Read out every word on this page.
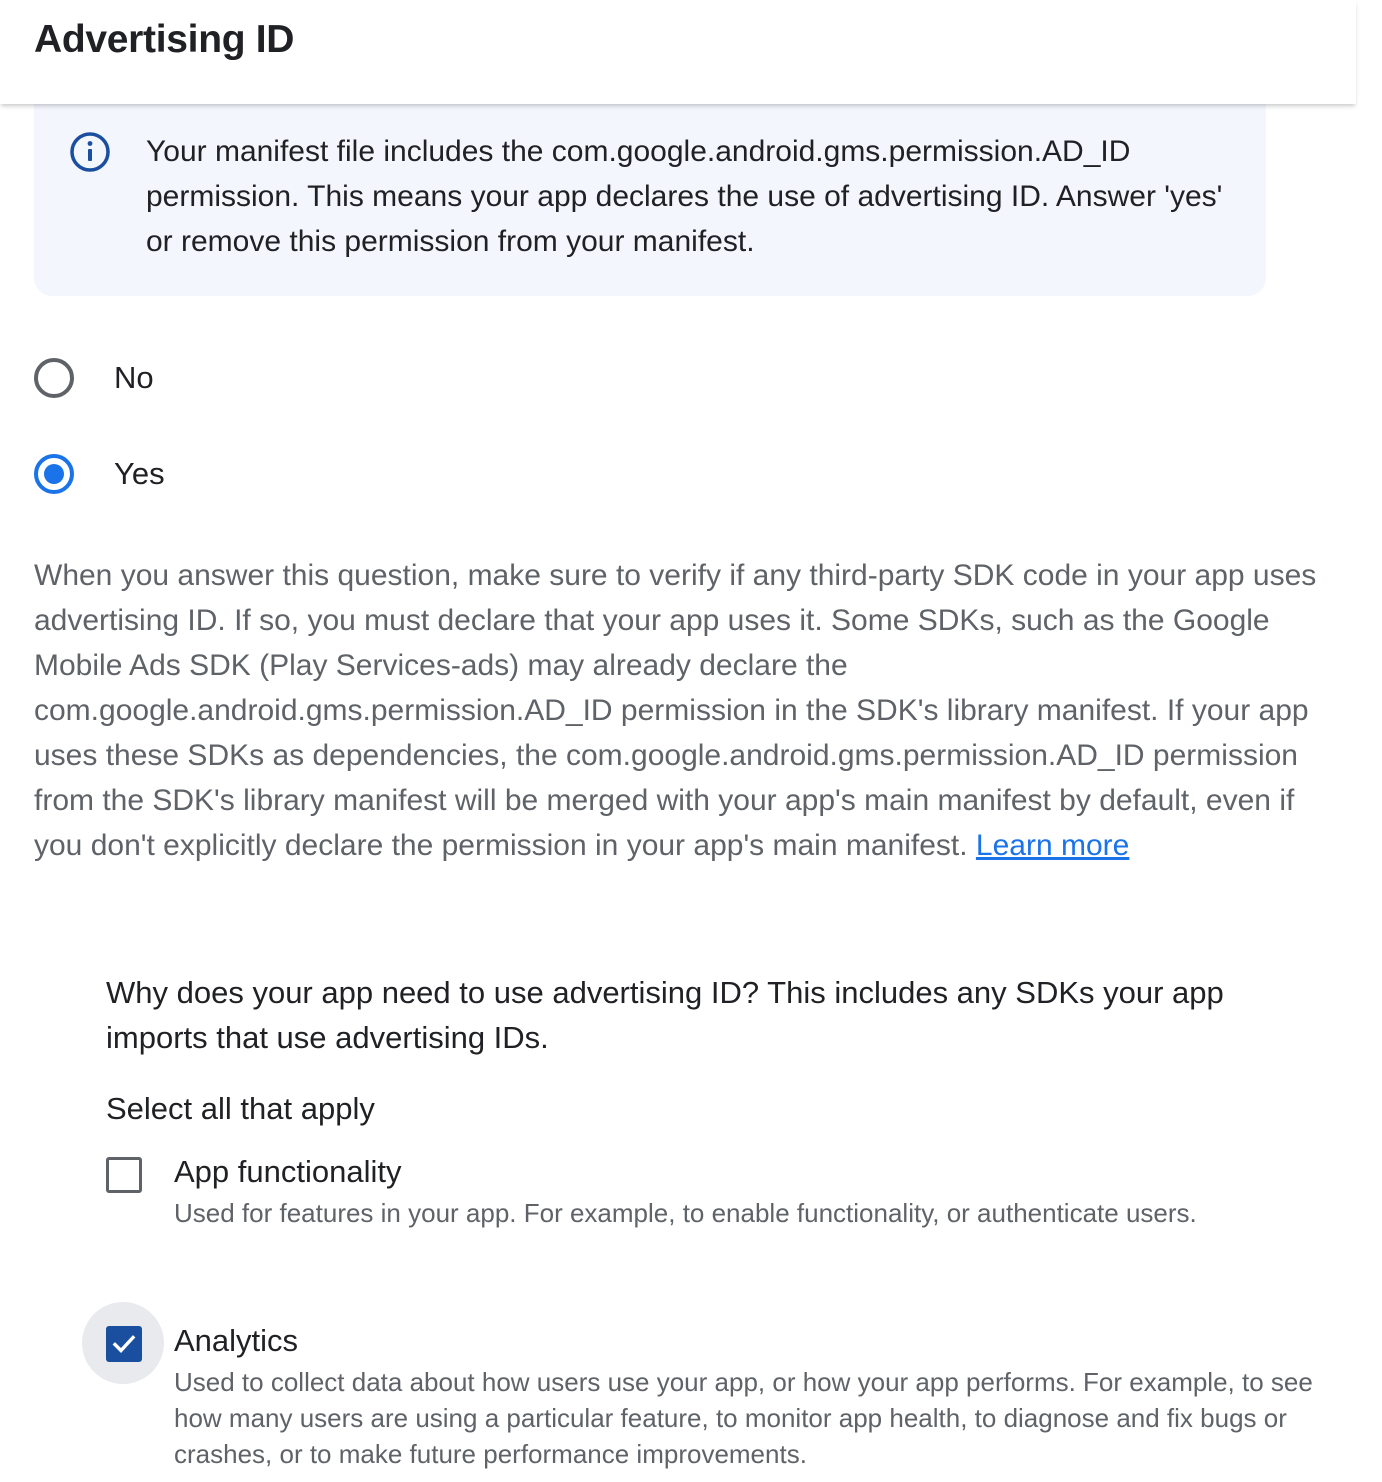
Advertising ID
Your manifest file includes the com.google.android.gms.permission.AD_ID permission. This means your app declares the use of advertising ID. Answer 'yes' or remove this permission from your manifest.
No
Yes
When you answer this question, make sure to verify if any third-party SDK code in your app uses advertising ID. If so, you must declare that your app uses it. Some SDKs, such as the Google Mobile Ads SDK (Play Services-ads) may already declare the com.google.android.gms.permission.AD_ID permission in the SDK's library manifest. If your app uses these SDKs as dependencies, the com.google.android.gms.permission.AD_ID permission from the SDK's library manifest will be merged with your app's main manifest by default, even if you don't explicitly declare the permission in your app's main manifest. Learn more
Why does your app need to use advertising ID? This includes any SDKs your app imports that use advertising IDs.
Select all that apply
App functionality
Used for features in your app. For example, to enable functionality, or authenticate users.
Analytics
Used to collect data about how users use your app, or how your app performs. For example, to see how many users are using a particular feature, to monitor app health, to diagnose and fix bugs or crashes, or to make future performance improvements.
